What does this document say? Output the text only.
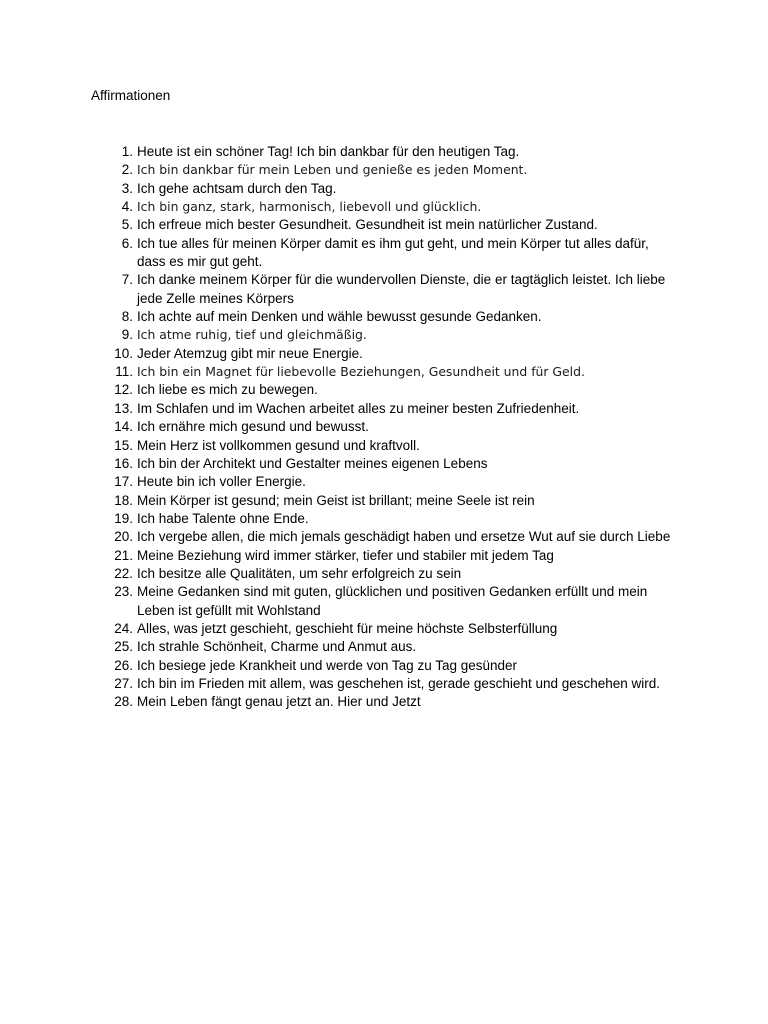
Affirmationen
1. Heute ist ein schöner Tag! Ich bin dankbar für den heutigen Tag.
2. Ich bin dankbar für mein Leben und genieße es jeden Moment.
3. Ich gehe achtsam durch den Tag.
4. Ich bin ganz, stark, harmonisch, liebevoll und glücklich.
5. Ich erfreue mich bester Gesundheit. Gesundheit ist mein natürlicher Zustand.
6. Ich tue alles für meinen Körper damit es ihm gut geht, und mein Körper tut alles dafür, dass es mir gut geht.
7. Ich danke meinem Körper für die wundervollen Dienste, die er tagtäglich leistet. Ich liebe jede Zelle meines Körpers
8. Ich achte auf mein Denken und wähle bewusst gesunde Gedanken.
9. Ich atme ruhig, tief und gleichmäßig.
10. Jeder Atemzug gibt mir neue Energie.
11. Ich bin ein Magnet für liebevolle Beziehungen, Gesundheit und für Geld.
12. Ich liebe es mich zu bewegen.
13. Im Schlafen und im Wachen arbeitet alles zu meiner besten Zufriedenheit.
14. Ich ernähre mich gesund und bewusst.
15. Mein Herz ist vollkommen gesund und kraftvoll.
16. Ich bin der Architekt und Gestalter meines eigenen Lebens
17. Heute bin ich voller Energie.
18. Mein Körper ist gesund; mein Geist ist brillant; meine Seele ist rein
19. Ich habe Talente ohne Ende.
20. Ich vergebe allen, die mich jemals geschädigt haben und ersetze Wut auf sie durch Liebe
21. Meine Beziehung wird immer stärker, tiefer und stabiler mit jedem Tag
22. Ich besitze alle Qualitäten, um sehr erfolgreich zu sein
23. Meine Gedanken sind mit guten, glücklichen und positiven Gedanken erfüllt und mein Leben ist gefüllt mit Wohlstand
24. Alles, was jetzt geschieht, geschieht für meine höchste Selbsterfüllung
25. Ich strahle Schönheit, Charme und Anmut aus.
26. Ich besiege jede Krankheit und werde von Tag zu Tag gesünder
27. Ich bin im Frieden mit allem, was geschehen ist, gerade geschieht und geschehen wird.
28. Mein Leben fängt genau jetzt an. Hier und Jetzt
